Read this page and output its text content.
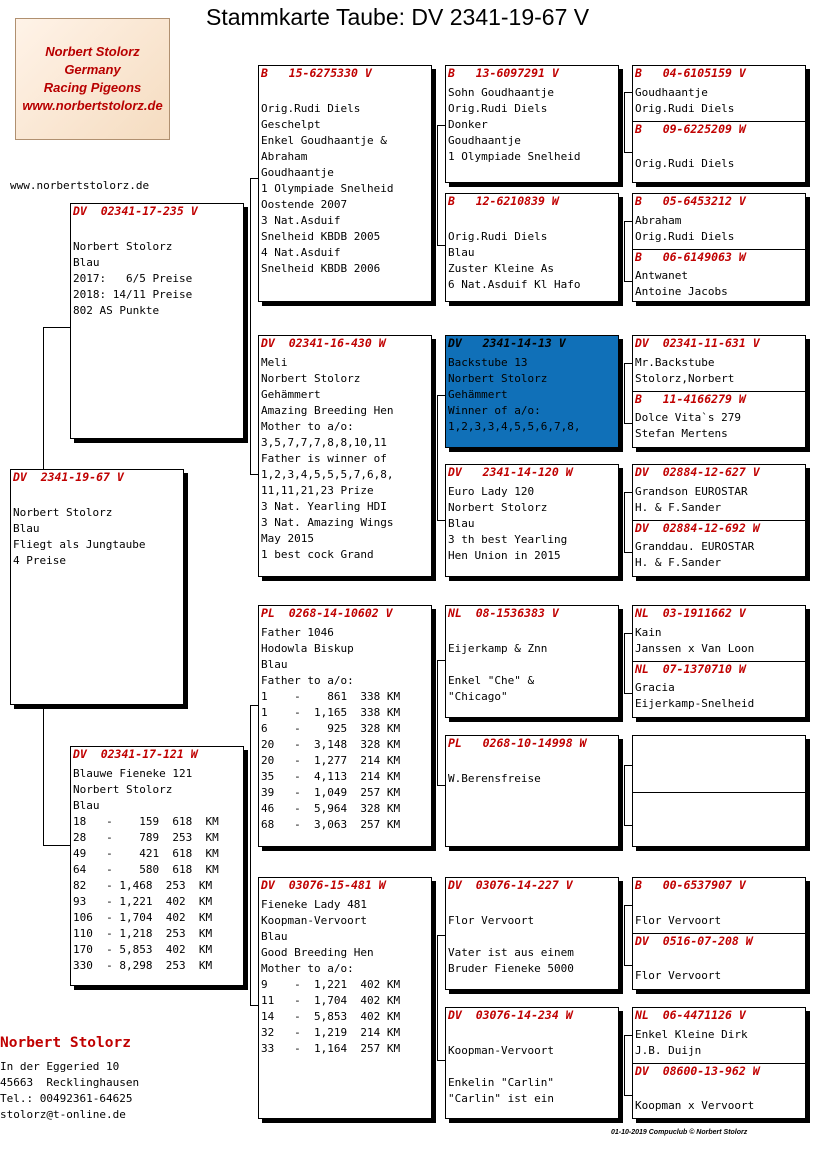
Stammkarte Taube: DV 2341-19-67 V
Norbert Stolorz
Germany
Racing Pigeons
www.norbertstolorz.de
www.norbertstolorz.de
DV  2341-19-67 V

Norbert Stolorz
Blau
Fliegt als Jungtaube
4 Preise
DV  02341-17-235 V

Norbert Stolorz
Blau
2017:   6/5 Preise
2018: 14/11 Preise
802 AS Punkte
DV  02341-17-121 W
Blauwe Fieneke 121
Norbert Stolorz
Blau
18   -    159  618  KM
28   -    789  253  KM
49   -    421  618  KM
64   -    580  618  KM
82   - 1,468  253  KM
93   - 1,221  402  KM
106  - 1,704  402  KM
110  - 1,218  253  KM
170  - 5,853  402  KM
330  - 8,298  253  KM
B   15-6275330 V

Orig.Rudi Diels
Geschelpt
Enkel Goudhaantje &
Abraham
Goudhaantje
1 Olympiade Snelheid
Oostende 2007
3 Nat.Asduif
Snelheid KBDB 2005
4 Nat.Asduif
Snelheid KBDB 2006
DV  02341-16-430 W
Meli
Norbert Stolorz
Gehämmert
Amazing Breeding Hen
Mother to a/o:
3,5,7,7,7,8,8,10,11
Father is winner of
1,2,3,4,5,5,5,7,6,8,
11,11,21,23 Prize
3 Nat. Yearling HDI
3 Nat. Amazing Wings
May 2015
1 best cock Grand
PL  0268-14-10602 V
Father 1046
Hodowla Biskup
Blau
Father to a/o:
1    -    861  338 KM
1    -  1,165  338 KM
6    -    925  328 KM
20   -  3,148  328 KM
20   -  1,277  214 KM
35   -  4,113  214 KM
39   -  1,049  257 KM
46   -  5,964  328 KM
68   -  3,063  257 KM
DV  03076-15-481 W
Fieneke Lady 481
Koopman-Vervoort
Blau
Good Breeding Hen
Mother to a/o:
9    -  1,221  402 KM
11   -  1,704  402 KM
14   -  5,853  402 KM
32   -  1,219  214 KM
33   -  1,164  257 KM
B   13-6097291 V
Sohn Goudhaantje
Orig.Rudi Diels
Donker
Goudhaantje
1 Olympiade Snelheid
B   12-6210839 W

Orig.Rudi Diels
Blau
Zuster Kleine As
6 Nat.Asduif Kl Hafo
DV   2341-14-13 V
Backstube 13
Norbert Stolorz
Gehämmert
Winner of a/o:
1,2,3,3,4,5,5,6,7,8,
DV   2341-14-120 W
Euro Lady 120
Norbert Stolorz
Blau
3 th best Yearling
Hen Union in 2015
NL  08-1536383 V

Eijerkamp & Znn

Enkel "Che" &
"Chicago"
PL   0268-10-14998 W

W.Berensfreise
DV  03076-14-227 V

Flor Vervoort

Vater ist aus einem
Bruder Fieneke 5000
DV  03076-14-234 W

Koopman-Vervoort

Enkelin "Carlin"
"Carlin" ist ein
B   04-6105159 V
Goudhaantje
Orig.Rudi Diels
B   09-6225209 W

Orig.Rudi Diels
B   05-6453212 V
Abraham
Orig.Rudi Diels
B   06-6149063 W
Antwanet
Antoine Jacobs
DV  02341-11-631 V
Mr.Backstube
Stolorz,Norbert
B   11-4166279 W
Dolce Vita`s 279
Stefan Mertens
DV  02884-12-627 V
Grandson EUROSTAR
H. & F.Sander
DV  02884-12-692 W
Granddau. EUROSTAR
H. & F.Sander
NL  03-1911662 V
Kain
Janssen x Van Loon
NL  07-1370710 W
Gracia
Eijerkamp-Snelheid
B   00-6537907 V

Flor Vervoort
DV  0516-07-208 W

Flor Vervoort
NL  06-4471126 V
Enkel Kleine Dirk
J.B. Duijn
DV  08600-13-962 W

Koopman x Vervoort
Norbert Stolorz
In der Eggeried 10
45663  Recklinghausen
Tel.: 00492361-64625
stolorz@t-online.de
01-10-2019 Compuclub © Norbert Stolorz
